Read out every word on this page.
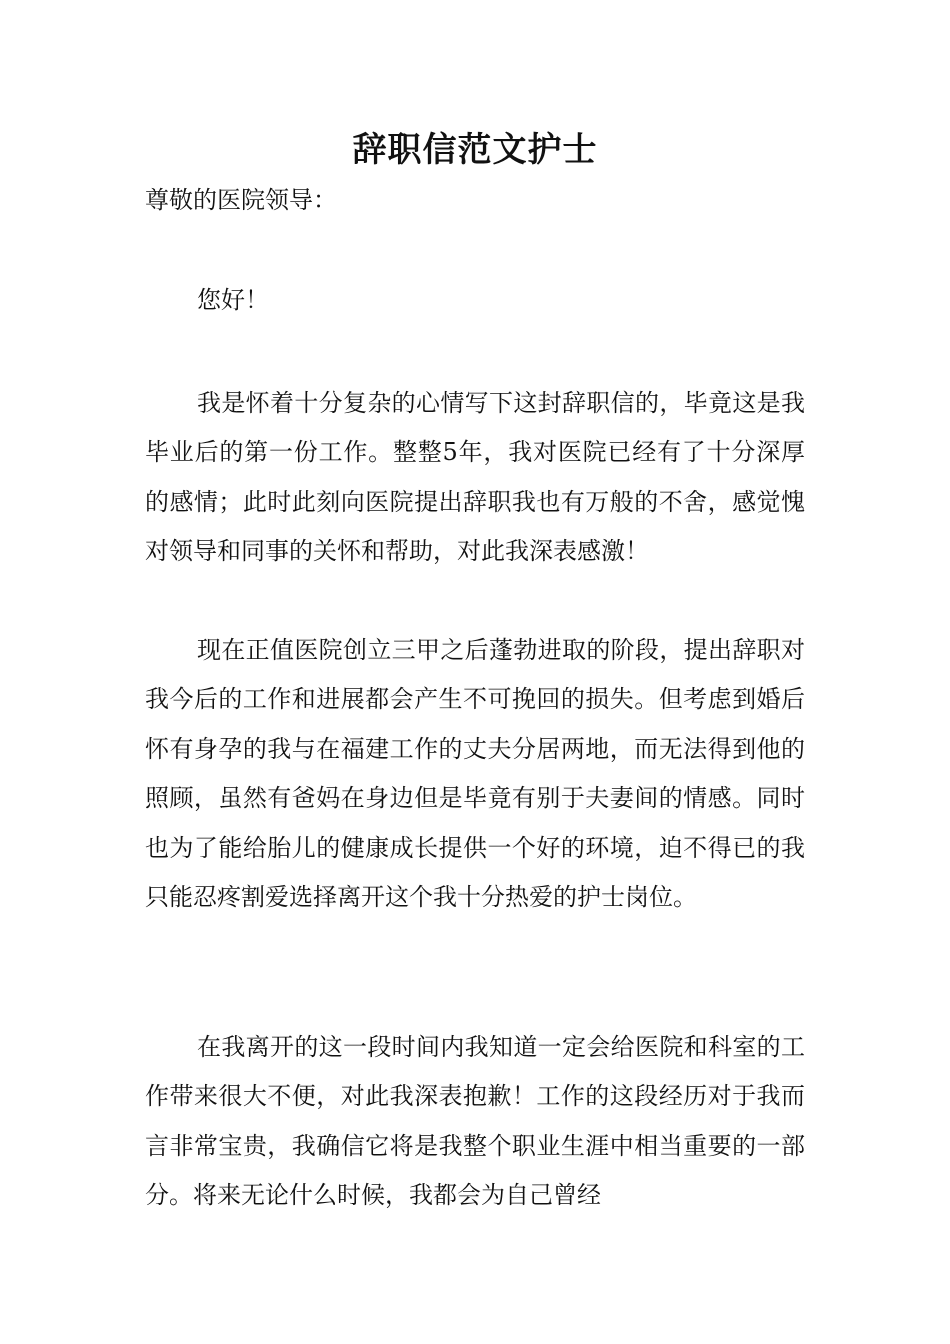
辞职信范文护士

尊敬的医院领导：

您好！

我是怀着十分复杂的心情写下这封辞职信的，毕竟这是我毕业后的第一份工作。整整5年，我对医院已经有了十分深厚的感情；此时此刻向医院提出辞职我也有万般的不舍，感觉愧对领导和同事的关怀和帮助，对此我深表感激！

现在正值医院创立三甲之后蓬勃进取的阶段，提出辞职对我今后的工作和进展都会产生不可挽回的损失。但考虑到婚后怀有身孕的我与在福建工作的丈夫分居两地，而无法得到他的照顾，虽然有爸妈在身边但是毕竟有别于夫妻间的情感。同时也为了能给胎儿的健康成长提供一个好的环境，迫不得已的我只能忍疼割爱选择离开这个我十分热爱的护士岗位。

在我离开的这一段时间内我知道一定会给医院和科室的工作带来很大不便，对此我深表抱歉！工作的这段经历对于我而言非常宝贵，我确信它将是我整个职业生涯中相当重要的一部分。将来无论什么时候，我都会为自己曾经
